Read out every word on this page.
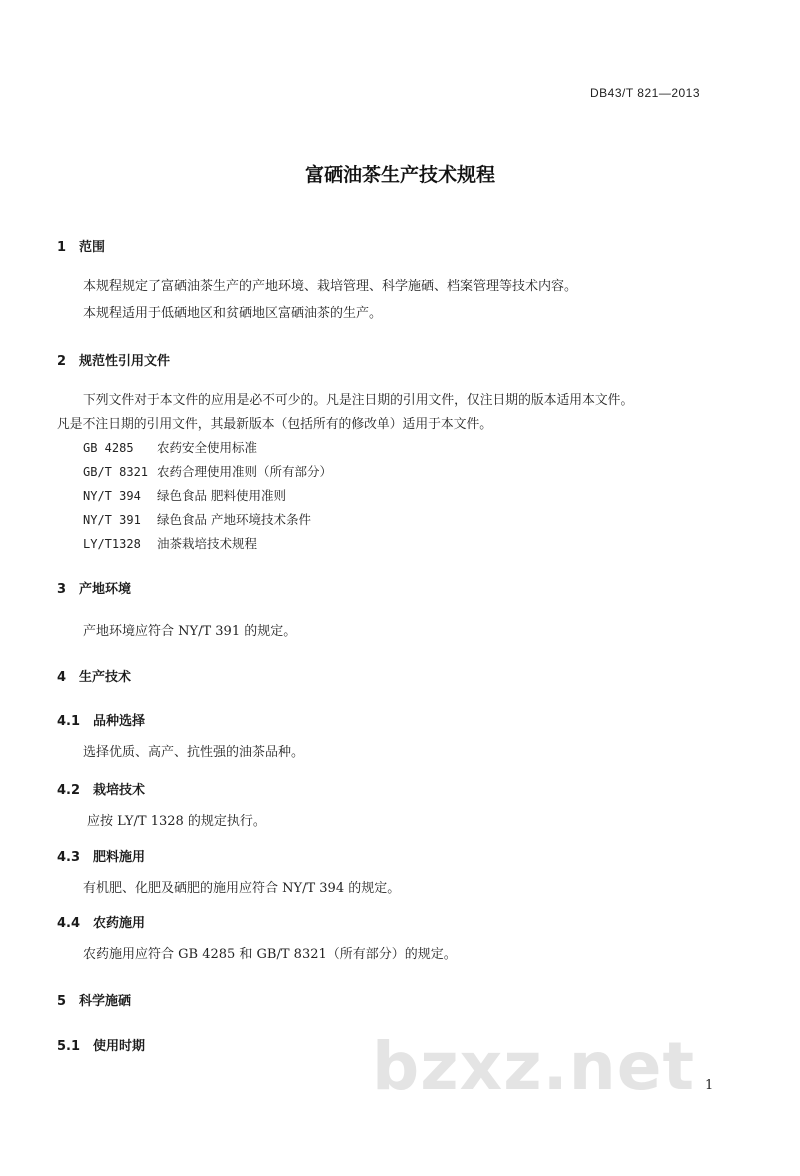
DB43/T 821—2013
富硒油茶生产技术规程
1 范围
本规程规定了富硒油茶生产的产地环境、栽培管理、科学施硒、档案管理等技术内容。
本规程适用于低硒地区和贫硒地区富硒油茶的生产。
2 规范性引用文件
下列文件对于本文件的应用是必不可少的。凡是注日期的引用文件，仅注日期的版本适用本文件。
凡是不注日期的引用文件，其最新版本（包括所有的修改单）适用于本文件。
GB 4285 农药安全使用标准
GB/T 8321 农药合理使用准则（所有部分）
NY/T 394 绿色食品 肥料使用准则
NY/T 391 绿色食品 产地环境技术条件
LY/T1328 油茶栽培技术规程
3 产地环境
产地环境应符合 NY/T 391 的规定。
4 生产技术
4.1 品种选择
选择优质、高产、抗性强的油茶品种。
4.2 栽培技术
应按 LY/T 1328 的规定执行。
4.3 肥料施用
有机肥、化肥及硒肥的施用应符合 NY/T 394 的规定。
4.4 农药施用
农药施用应符合 GB 4285 和 GB/T 8321（所有部分）的规定。
5 科学施硒
5.1 使用时期	bzxz.net 1
